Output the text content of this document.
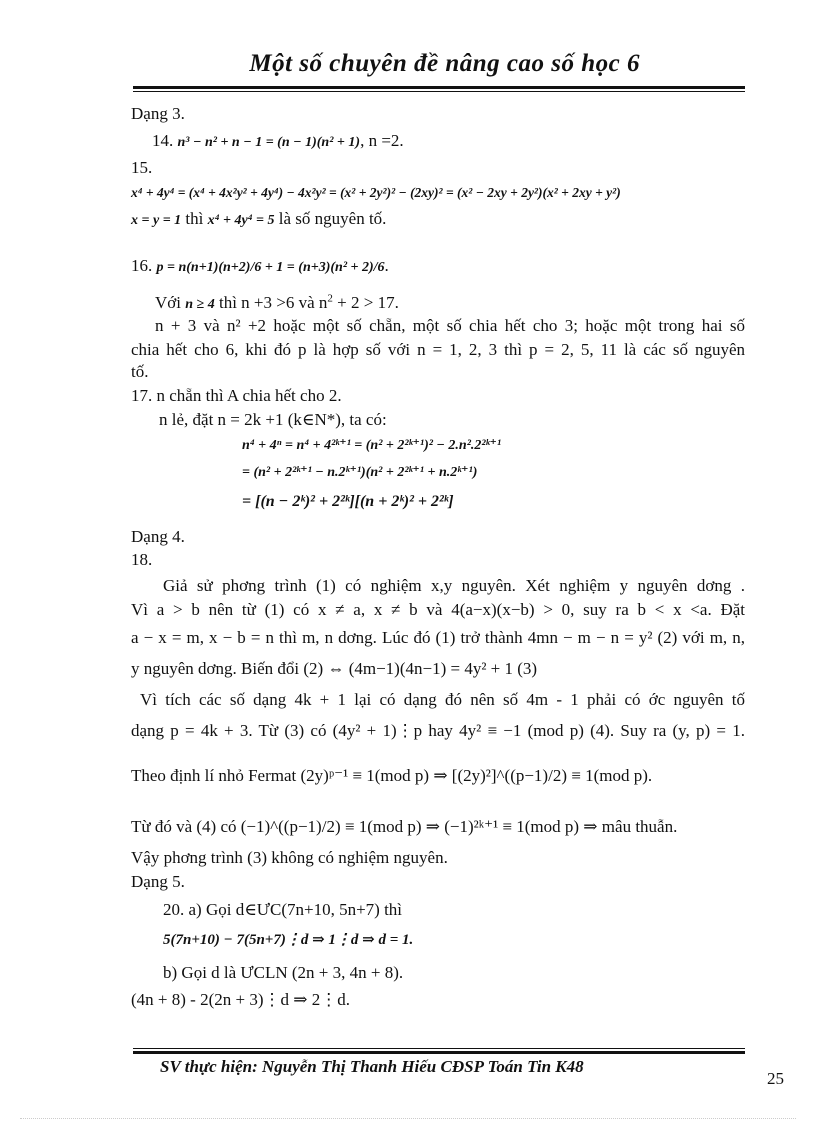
Một số chuyên đề nâng cao số học 6
Dạng 3.
14. n³ − n² + n − 1 = (n − 1)(n² + 1), n =2.
15.
x⁴ + 4y⁴ = (x⁴ + 4x²y² + 4y⁴) − 4x²y² = (x² + 2y²)² − (2xy)² = (x² − 2xy + 2y²)(x² + 2xy + y²)
x = y = 1 thì x⁴ + 4y⁴ = 5 là số nguyên tố.
16. p = n(n+1)(n+2)/6 + 1 = (n+3)(n² + 2)/6.
Với n ≥ 4 thì n +3 >6 và $n^2 + 2 > 17$.
n + 3 và n² +2 hoặc một số chẵn, một số chia hết cho 3; hoặc một trong hai số
chia hết cho 6, khi đó p là hợp số với n = 1, 2, 3 thì p = 2, 5, 11 là các số nguyên
tố.
17. n chẵn thì A chia hết cho 2.
n lẻ, đặt n = 2k +1 (k∈N*), ta có:
n⁴ + 4ⁿ = n⁴ + 4²ᵏ⁺¹ = (n² + 2²ᵏ⁺¹)² − 2.n².2²ᵏ⁺¹
= (n² + 2²ᵏ⁺¹ − n.2ᵏ⁺¹)(n² + 2²ᵏ⁺¹ + n.2ᵏ⁺¹)
= [(n − 2ᵏ)² + 2²ᵏ][(n + 2ᵏ)² + 2²ᵏ]
Dạng 4.
18.
Giả sử phơng trình (1) có nghiệm x,y nguyên. Xét nghiệm y nguyên dơng .
Vì a > b nên từ (1) có x ≠ a, x ≠ b và 4(a−x)(x−b) > 0, suy ra b < x <a. Đặt
a − x = m, x − b = n thì m, n dơng. Lúc đó (1) trở thành 4mn − m − n = y² (2) với m, n,
y nguyên dơng. Biến đổi (2) ⇔ (4m−1)(4n−1) = 4y² + 1 (3)
Vì tích các số dạng 4k + 1 lại có dạng đó nên số 4m - 1 phải có ớc nguyên tố
dạng p = 4k + 3. Từ (3) có (4y² + 1)⋮p hay 4y² ≡ −1 (mod p) (4). Suy ra (y, p) = 1.
Theo định lí nhỏ Fermat (2y)ᵖ⁻¹ ≡ 1(mod p) ⇒ [(2y)²]^((p−1)/2) ≡ 1(mod p).
Từ đó và (4) có (−1)^((p−1)/2) ≡ 1(mod p) ⇒ (−1)²ᵏ⁺¹ ≡ 1(mod p) ⇒ mâu thuẫn.
Vậy phơng trình (3) không có nghiệm nguyên.
Dạng 5.
20. a) Gọi d∈ƯC(7n+10, 5n+7) thì
5(7n+10) − 7(5n+7)⋮d ⇒ 1⋮d ⇒ d = 1.
b) Gọi d là ƯCLN (2n + 3, 4n + 8).
(4n + 8) - 2(2n + 3)⋮d ⇒ 2⋮d.
SV thực hiện: Nguyễn Thị Thanh Hiếu CĐSP Toán Tin K48
25
